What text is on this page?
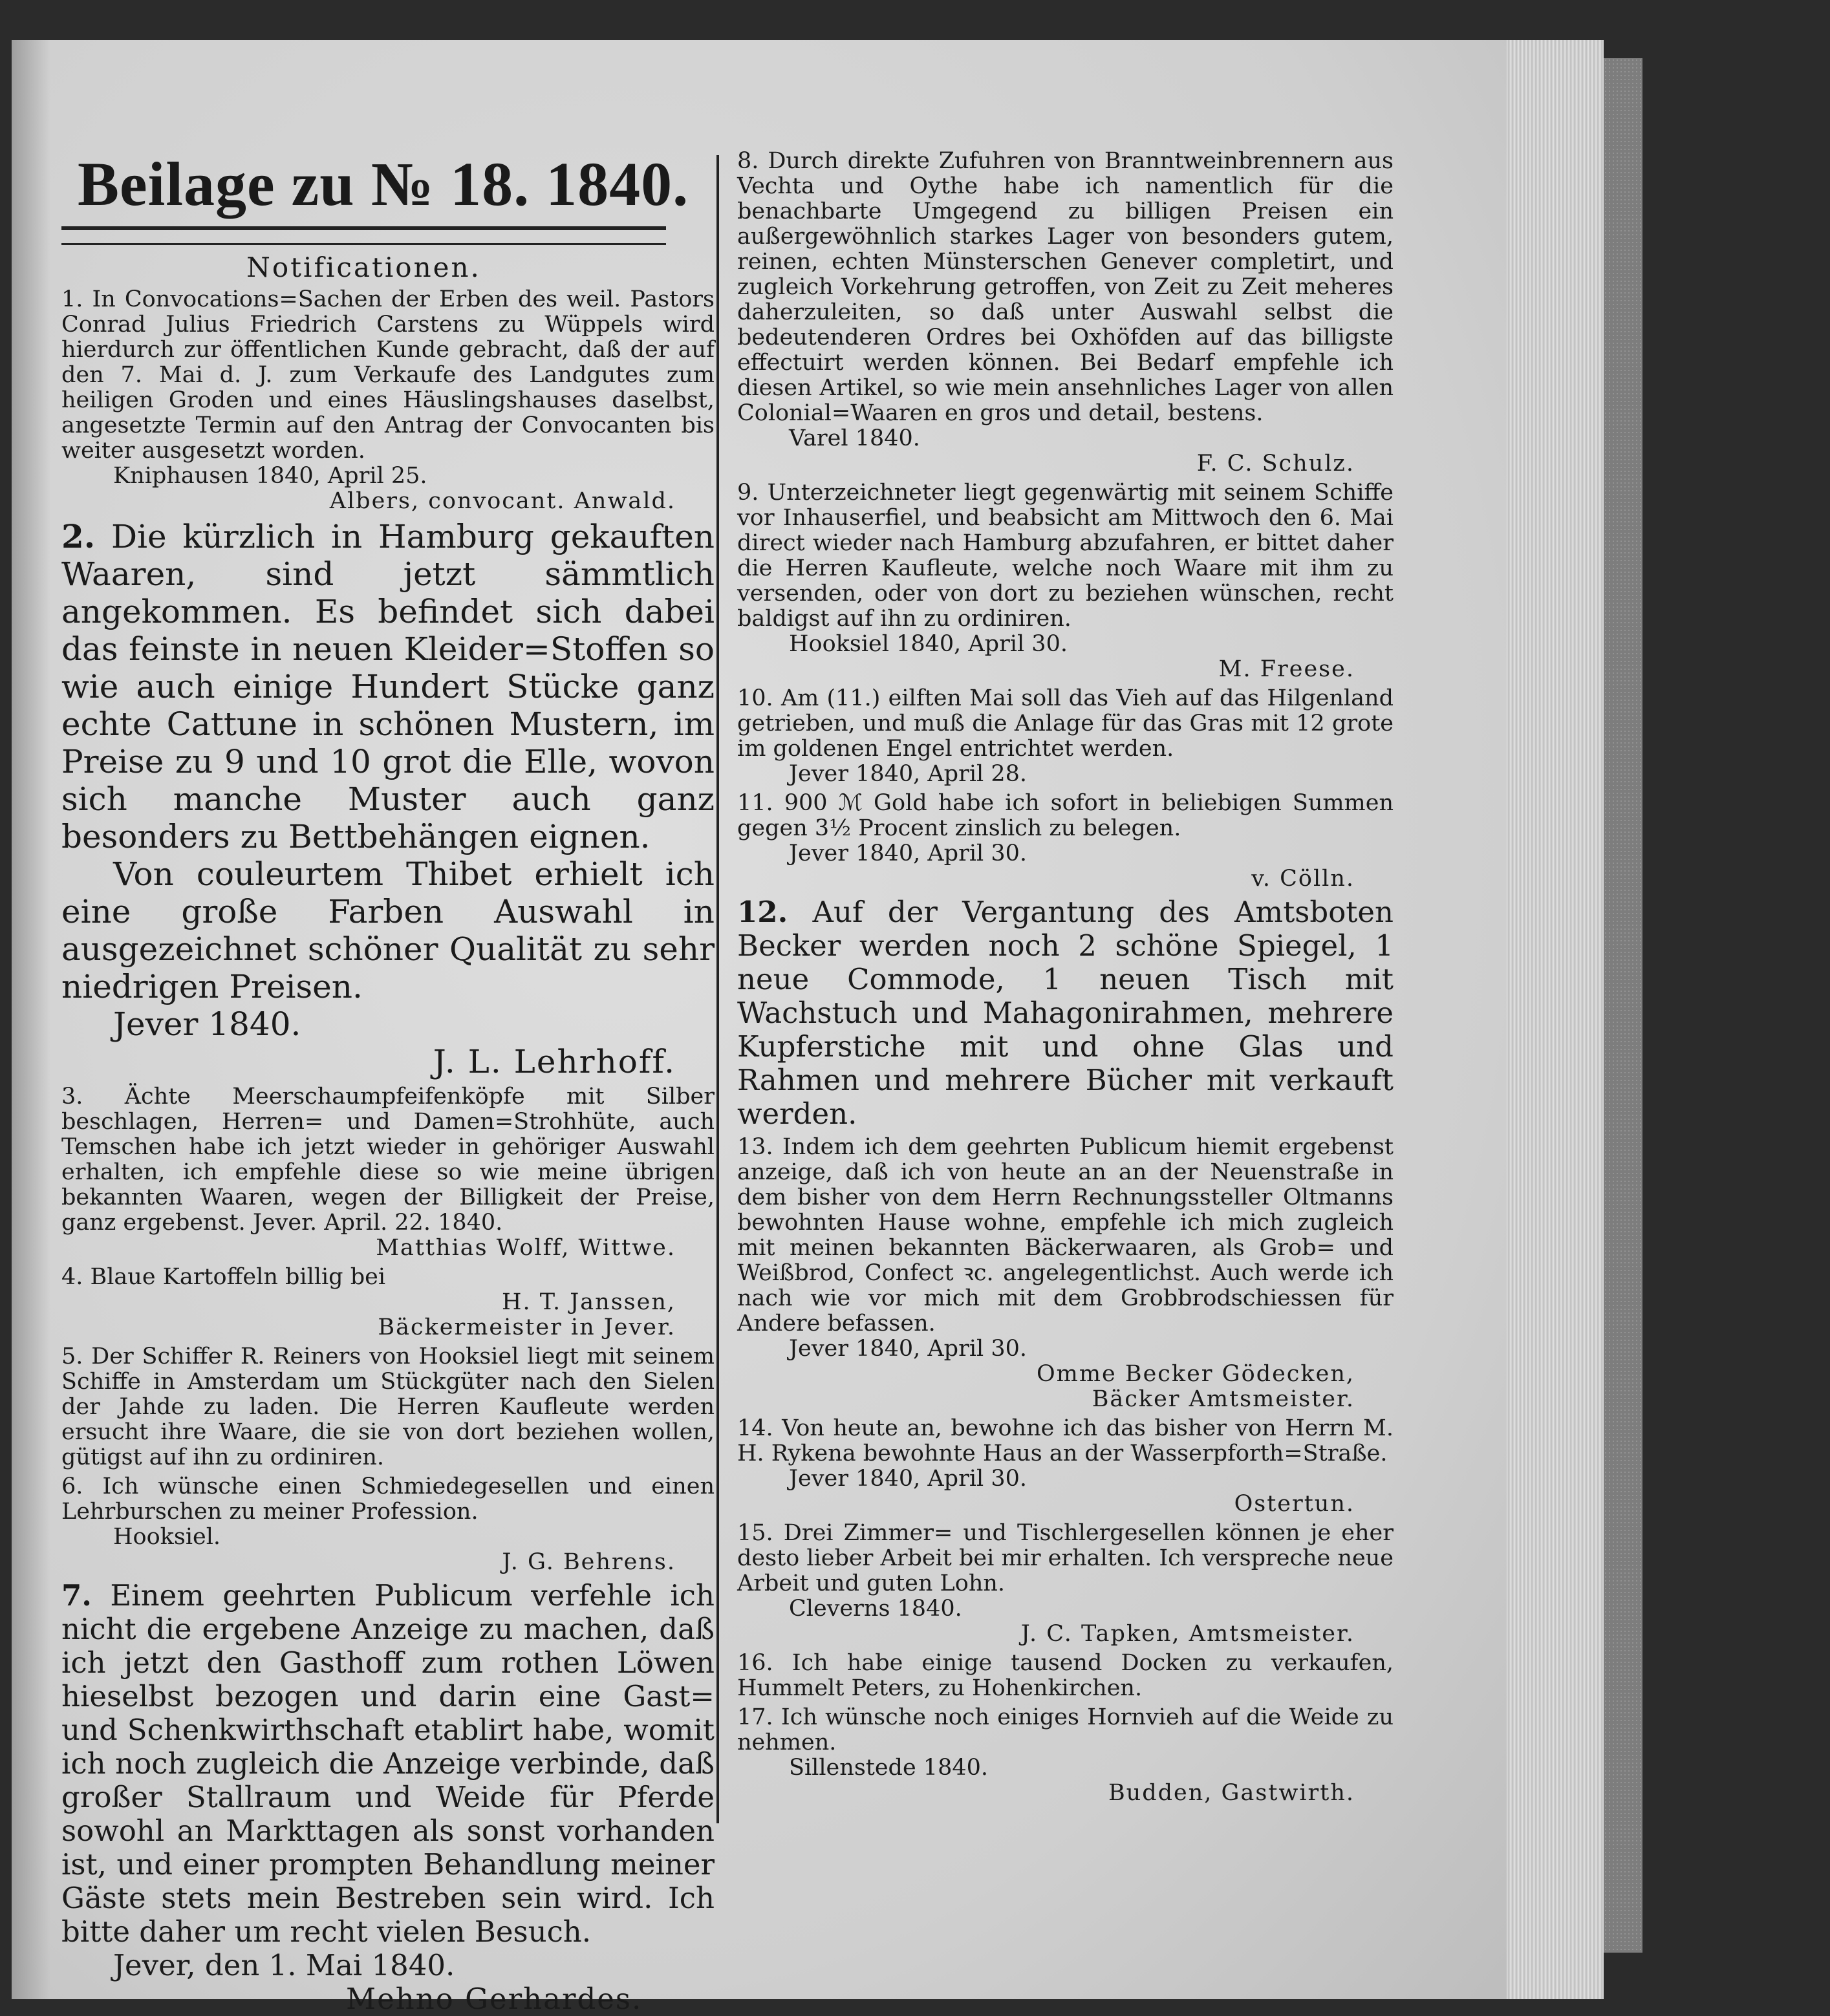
Beilage zu № 18. 1840.
Notificationen.

1. In Convocations=Sachen der Erben des weil. Pastors Conrad Julius Friedrich Carstens zu Wüppels wird hierdurch zur öffentlichen Kunde gebracht, daß der auf den 7. Mai d. J. zum Verkaufe des Landgutes zum heiligen Groden und eines Häuslingshauses daselbst, angesetzte Termin auf den Antrag der Convocanten bis weiter ausgesetzt worden.

Kniphausen 1840, April 25.

Albers, convocant. Anwald.

2. Die kürzlich in Hamburg gekauften Waaren, sind jetzt sämmtlich angekommen. Es befindet sich dabei das feinste in neuen Kleider=Stoffen so wie auch einige Hundert Stücke ganz echte Cattune in schönen Mustern, im Preise zu 9 und 10 grot die Elle, wovon sich manche Muster auch ganz besonders zu Bettbehängen eignen.

Von couleurtem Thibet erhielt ich eine große Farben Auswahl in ausgezeichnet schöner Qualität zu sehr niedrigen Preisen.

Jever 1840.

J. L. Lehrhoff.

3. Ächte Meerschaumpfeifenköpfe mit Silber beschlagen, Herren= und Damen=Strohhüte, auch Temschen habe ich jetzt wieder in gehöriger Auswahl erhalten, ich empfehle diese so wie meine übrigen bekannten Waaren, wegen der Billigkeit der Preise, ganz ergebenst. Jever. April. 22. 1840.

Matthias Wolff, Wittwe.

4. Blaue Kartoffeln billig bei

H. T. Janssen,

Bäckermeister in Jever.

5. Der Schiffer R. Reiners von Hooksiel liegt mit seinem Schiffe in Amsterdam um Stückgüter nach den Sielen der Jahde zu laden. Die Herren Kaufleute werden ersucht ihre Waare, die sie von dort beziehen wollen, gütigst auf ihn zu ordiniren.

6. Ich wünsche einen Schmiedegesellen und einen Lehrburschen zu meiner Profession.

Hooksiel.

J. G. Behrens.

7. Einem geehrten Publicum verfehle ich nicht die ergebene Anzeige zu machen, daß ich jetzt den Gasthoff zum rothen Löwen hieselbst bezogen und darin eine Gast= und Schenkwirthschaft etablirt habe, womit ich noch zugleich die Anzeige verbinde, daß großer Stallraum und Weide für Pferde sowohl an Markttagen als sonst vorhanden ist, und einer prompten Behandlung meiner Gäste stets mein Bestreben sein wird. Ich bitte daher um recht vielen Besuch.

Jever, den 1. Mai 1840.

Mehno Gerhardes.

8. Durch direkte Zufuhren von Branntweinbrennern aus Vechta und Oythe habe ich namentlich für die benachbarte Umgegend zu billigen Preisen ein außergewöhnlich starkes Lager von besonders gutem, reinen, echten Münsterschen Genever completirt, und zugleich Vorkehrung getroffen, von Zeit zu Zeit meheres daherzuleiten, so daß unter Auswahl selbst die bedeutenderen Ordres bei Oxhöfden auf das billigste effectuirt werden können. Bei Bedarf empfehle ich diesen Artikel, so wie mein ansehnliches Lager von allen Colonial=Waaren en gros und detail, bestens.

Varel 1840.

F. C. Schulz.

9. Unterzeichneter liegt gegenwärtig mit seinem Schiffe vor Inhauserfiel, und beabsicht am Mittwoch den 6. Mai direct wieder nach Hamburg abzufahren, er bittet daher die Herren Kaufleute, welche noch Waare mit ihm zu versenden, oder von dort zu beziehen wünschen, recht baldigst auf ihn zu ordiniren.

Hooksiel 1840, April 30.

M. Freese.

10. Am (11.) eilften Mai soll das Vieh auf das Hilgenland getrieben, und muß die Anlage für das Gras mit 12 grote im goldenen Engel entrichtet werden.

Jever 1840, April 28.

11. 900 ℳ Gold habe ich sofort in beliebigen Summen gegen 3½ Procent zinslich zu belegen.

Jever 1840, April 30.

v. Cölln.

12. Auf der Vergantung des Amtsboten Becker werden noch 2 schöne Spiegel, 1 neue Commode, 1 neuen Tisch mit Wachstuch und Mahagonirahmen, mehrere Kupferstiche mit und ohne Glas und Rahmen und mehrere Bücher mit verkauft werden.

13. Indem ich dem geehrten Publicum hiemit ergebenst anzeige, daß ich von heute an an der Neuenstraße in dem bisher von dem Herrn Rechnungssteller Oltmanns bewohnten Hause wohne, empfehle ich mich zugleich mit meinen bekannten Bäckerwaaren, als Grob= und Weißbrod, Confect ꝛc. angelegentlichst. Auch werde ich nach wie vor mich mit dem Grobbrodschiessen für Andere befassen.

Jever 1840, April 30.

Omme Becker Gödecken,

Bäcker Amtsmeister.

14. Von heute an, bewohne ich das bisher von Herrn M. H. Rykena bewohnte Haus an der Wasserpforth=Straße.

Jever 1840, April 30.

Ostertun.

15. Drei Zimmer= und Tischlergesellen können je eher desto lieber Arbeit bei mir erhalten. Ich verspreche neue Arbeit und guten Lohn.

Cleverns 1840.

J. C. Tapken, Amtsmeister.

16. Ich habe einige tausend Docken zu verkaufen, Hummelt Peters, zu Hohenkirchen.

17. Ich wünsche noch einiges Hornvieh auf die Weide zu nehmen.

Sillenstede 1840.

Budden, Gastwirth.
